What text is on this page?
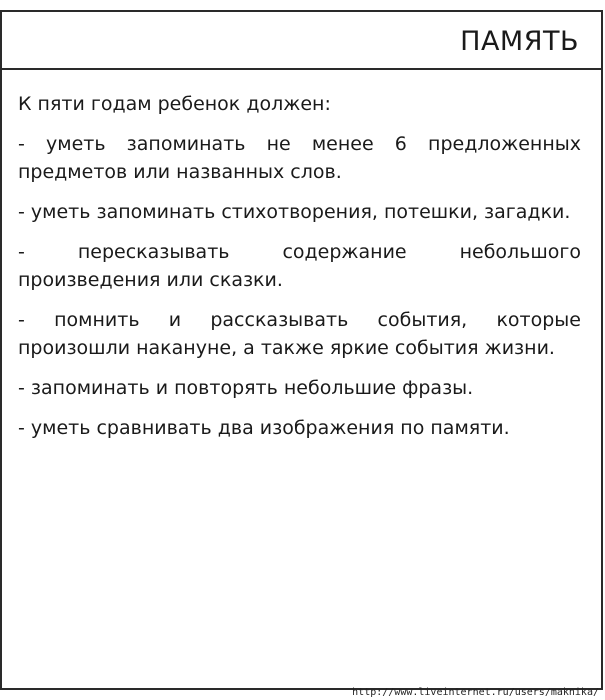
ПАМЯТЬ
К пяти годам ребенок должен:
- уметь запоминать не менее 6 предложенных предметов или названных слов.
- уметь запоминать стихотворения, потешки, загадки.
- пересказывать содержание небольшого произведения или сказки.
- помнить и рассказывать события, которые произошли накануне, а также яркие события жизни.
- запоминать и повторять небольшие фразы.
- уметь сравнивать два изображения по памяти.
http://www.liveinternet.ru/users/maknika/
